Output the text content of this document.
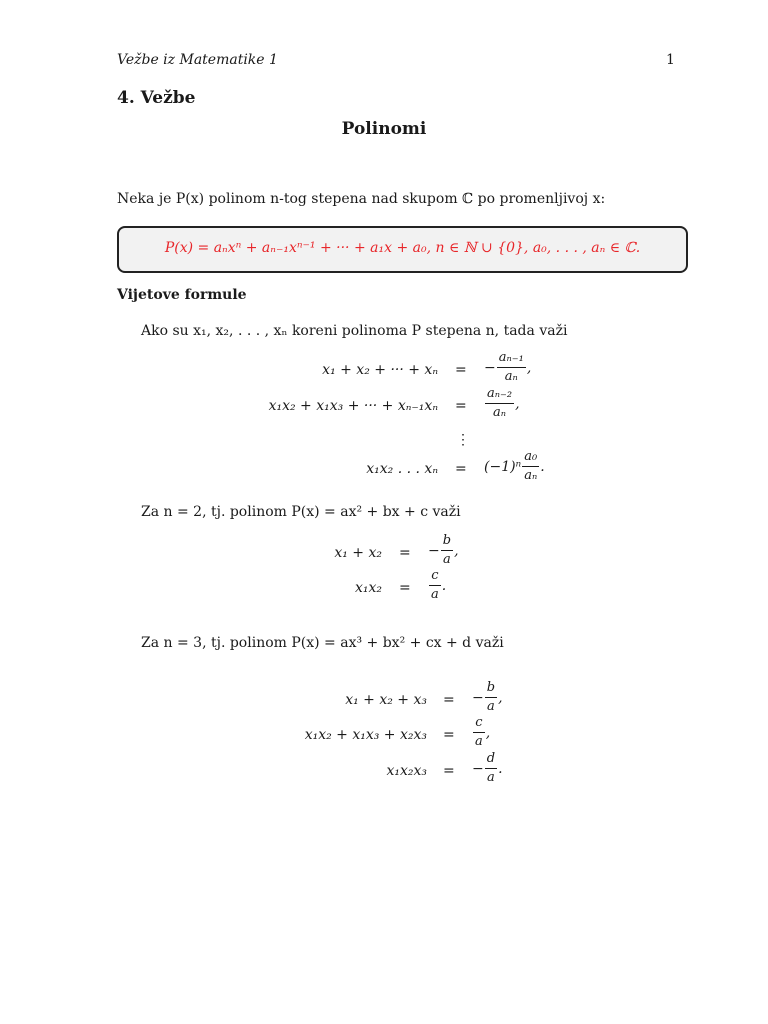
Vežbe iz Matematike 1	1
4. Vežbe
Polinomi
Neka je P(x) polinom n-tog stepena nad skupom ℂ po promenljivoj x:
P(x) = aₙxⁿ + aₙ₋₁xⁿ⁻¹ + ··· + a₁x + a₀, n ∈ ℕ ∪ {0}, a₀, . . . , aₙ ∈ ℂ.
Vijetove formule
Ako su x₁, x₂, . . . , xₙ koreni polinoma P stepena n, tada važi
x₁ + x₂ + ··· + xₙ = − $\frac{\text{aₙ₋₁}}{\text{aₙ}}$ ,
x₁x₂ + x₁x₃ + ··· + $x_{n-1}x_n = \frac{\text{aₙ₋₂}}{\text{aₙ}}$ ,
⋮
x₁x₂ . . . $x_n = (-1)^n \frac{\text{a₀}}{\text{aₙ}}$ .
Za n = 2, tj. polinom P(x) = ax² + bx + c važi
x₁ + x₂ = − $\frac{b}{a}$ ,
$x_1x_2 = \frac{c}{a}$ .
Za n = 3, tj. polinom P(x) = ax³ + bx² + cx + d važi
x₁ + x₂ + x₃ = − $\frac{b}{a}$ ,
$x_1x_2 + x_1x_3 + x_2x_3 = \frac{c}{a}$ ,
x₁x₂x₃ = − $\frac{d}{a}$ .
